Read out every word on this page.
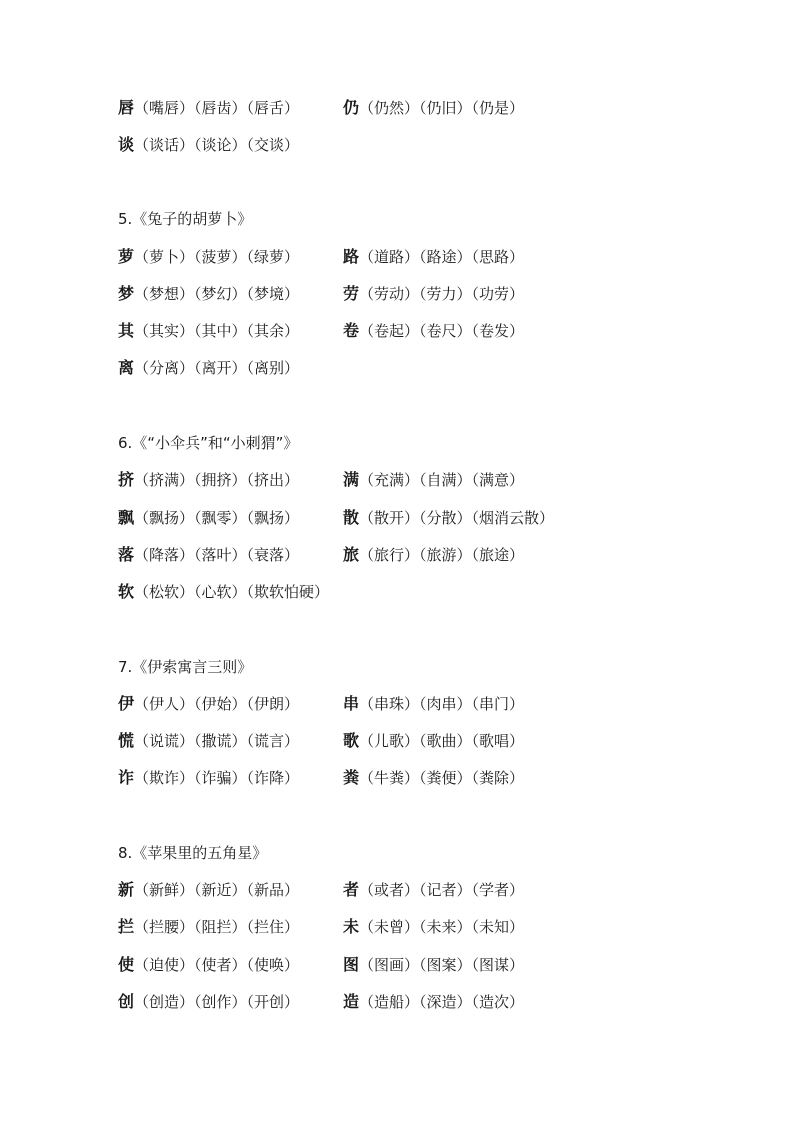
唇（嘴唇）（唇齿）（唇舌）	仍（仍然）（仍旧）（仍是）
谈（谈话）（谈论）（交谈）
5.《兔子的胡萝卜》
萝（萝卜）（菠萝）（绿萝）	路（道路）（路途）（思路）
梦（梦想）（梦幻）（梦境）	劳（劳动）（劳力）（功劳）
其（其实）（其中）（其余）	卷（卷起）（卷尺）（卷发）
离（分离）（离开）（离别）
6.《“小伞兵”和“小刺猬”》
挤（挤满）（拥挤）（挤出）	满（充满）（自满）（满意）
飘（飘扬）（飘零）（飘扬）	散（散开）（分散）（烟消云散）
落（降落）（落叶）（衰落）	旅（旅行）（旅游）（旅途）
软（松软）（心软）（欺软怕硬）
7.《伊索寓言三则》
伊（伊人）（伊始）（伊朗）	串（串珠）（肉串）（串门）
慌（说谎）（撒谎）（谎言）	歌（儿歌）（歌曲）（歌唱）
诈（欺诈）（诈骗）（诈降）	粪（牛粪）（粪便）（粪除）
8.《苹果里的五角星》
新（新鲜）（新近）（新品）	者（或者）（记者）（学者）
拦（拦腰）（阻拦）（拦住）	未（未曾）（未来）（未知）
使（迫使）（使者）（使唤）	图（图画）（图案）（图谋）
创（创造）（创作）（开创）	造（造船）（深造）（造次）
